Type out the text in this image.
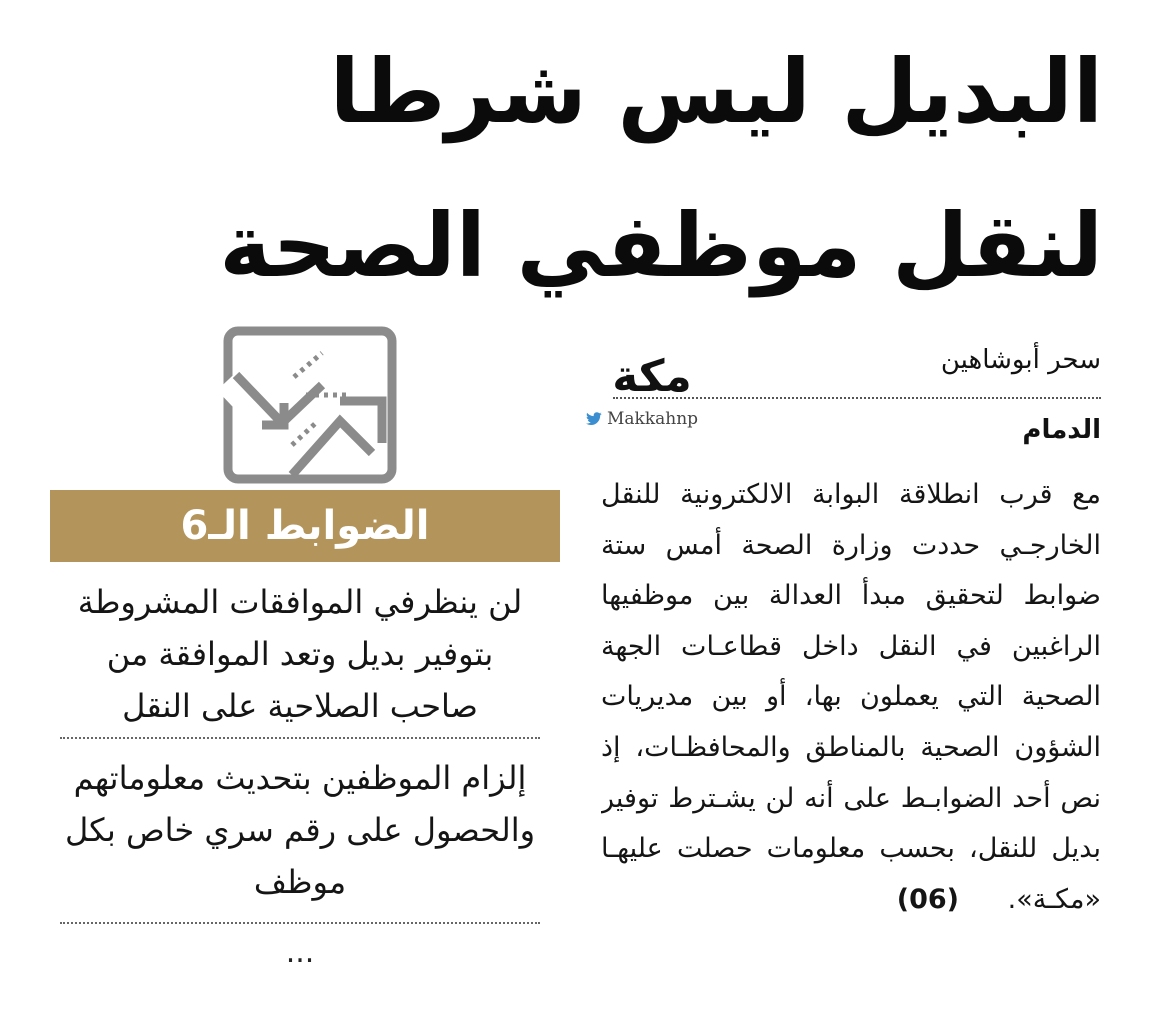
البديل ليس شرطا
لنقل موظفي الصحة
سحر أبوشاهين
الدمام
مكة
Makkahnp
مع قرب انطلاقة البوابة الالكترونية للنقل الخارجـي حددت وزارة الصحة أمس ستة ضوابط لتحقيق مبدأ العدالة بين موظفيها الراغبين في النقل داخل قطاعـات الجهة الصحية التي يعملون بها، أو بين مديريات الشؤون الصحية بالمناطق والمحافظـات، إذ نص أحد الضوابـط على أنه لن يشـترط توفير بديل للنقل، بحسب معلومات حصلت عليهـا «مكـة». (06)
الضوابط الـ6
لن ينظرفي الموافقات المشروطة بتوفير بديل وتعد الموافقة من صاحب الصلاحية على النقل
إلزام الموظفين بتحديث معلوماتهم والحصول على رقم سري خاص بكل موظف
...
